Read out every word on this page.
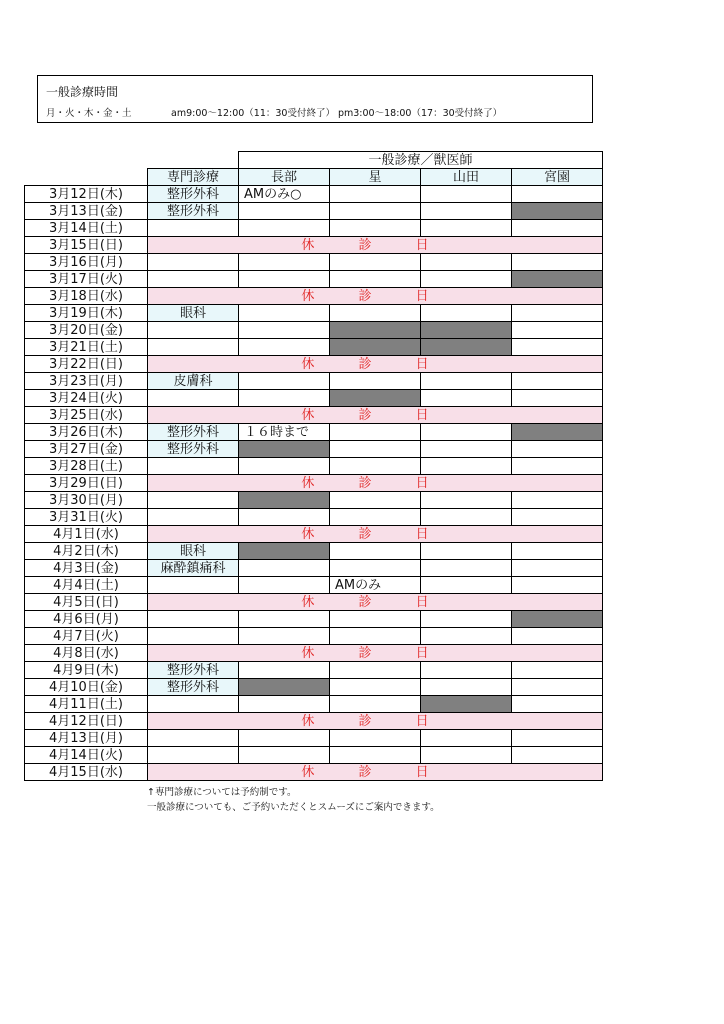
一般診療時間
月・火・木・金・土	am9:00～12:00（11：30受付終了） pm3:00～18:00（17：30受付終了）
		一般診療／獣医師			
	専門診療	長部	星	山田	宮園
3月12日(木)	整形外科	AMのみ○			
3月13日(金)	整形外科				
3月14日(土)					
3月15日(日)	休 診 日				
3月16日(月)					
3月17日(火)					
3月18日(水)	休 診 日				
3月19日(木)	眼科				
3月20日(金)					
3月21日(土)					
3月22日(日)	休 診 日				
3月23日(月)	皮膚科				
3月24日(火)					
3月25日(水)	休 診 日				
3月26日(木)	整形外科	１６時まで			
3月27日(金)	整形外科				
3月28日(土)					
3月29日(日)	休 診 日				
3月30日(月)					
3月31日(火)					
4月1日(水)	休 診 日				
4月2日(木)	眼科				
4月3日(金)	麻酔鎮痛科				
4月4日(土)			AMのみ		
4月5日(日)	休 診 日				
4月6日(月)					
4月7日(火)					
4月8日(水)	休 診 日				
4月9日(木)	整形外科				
4月10日(金)	整形外科				
4月11日(土)					
4月12日(日)	休 診 日				
4月13日(月)					
4月14日(火)					
4月15日(水)	休 診 日				
↑専門診療については予約制です。
一般診療についても、ご予約いただくとスムーズにご案内できます。
